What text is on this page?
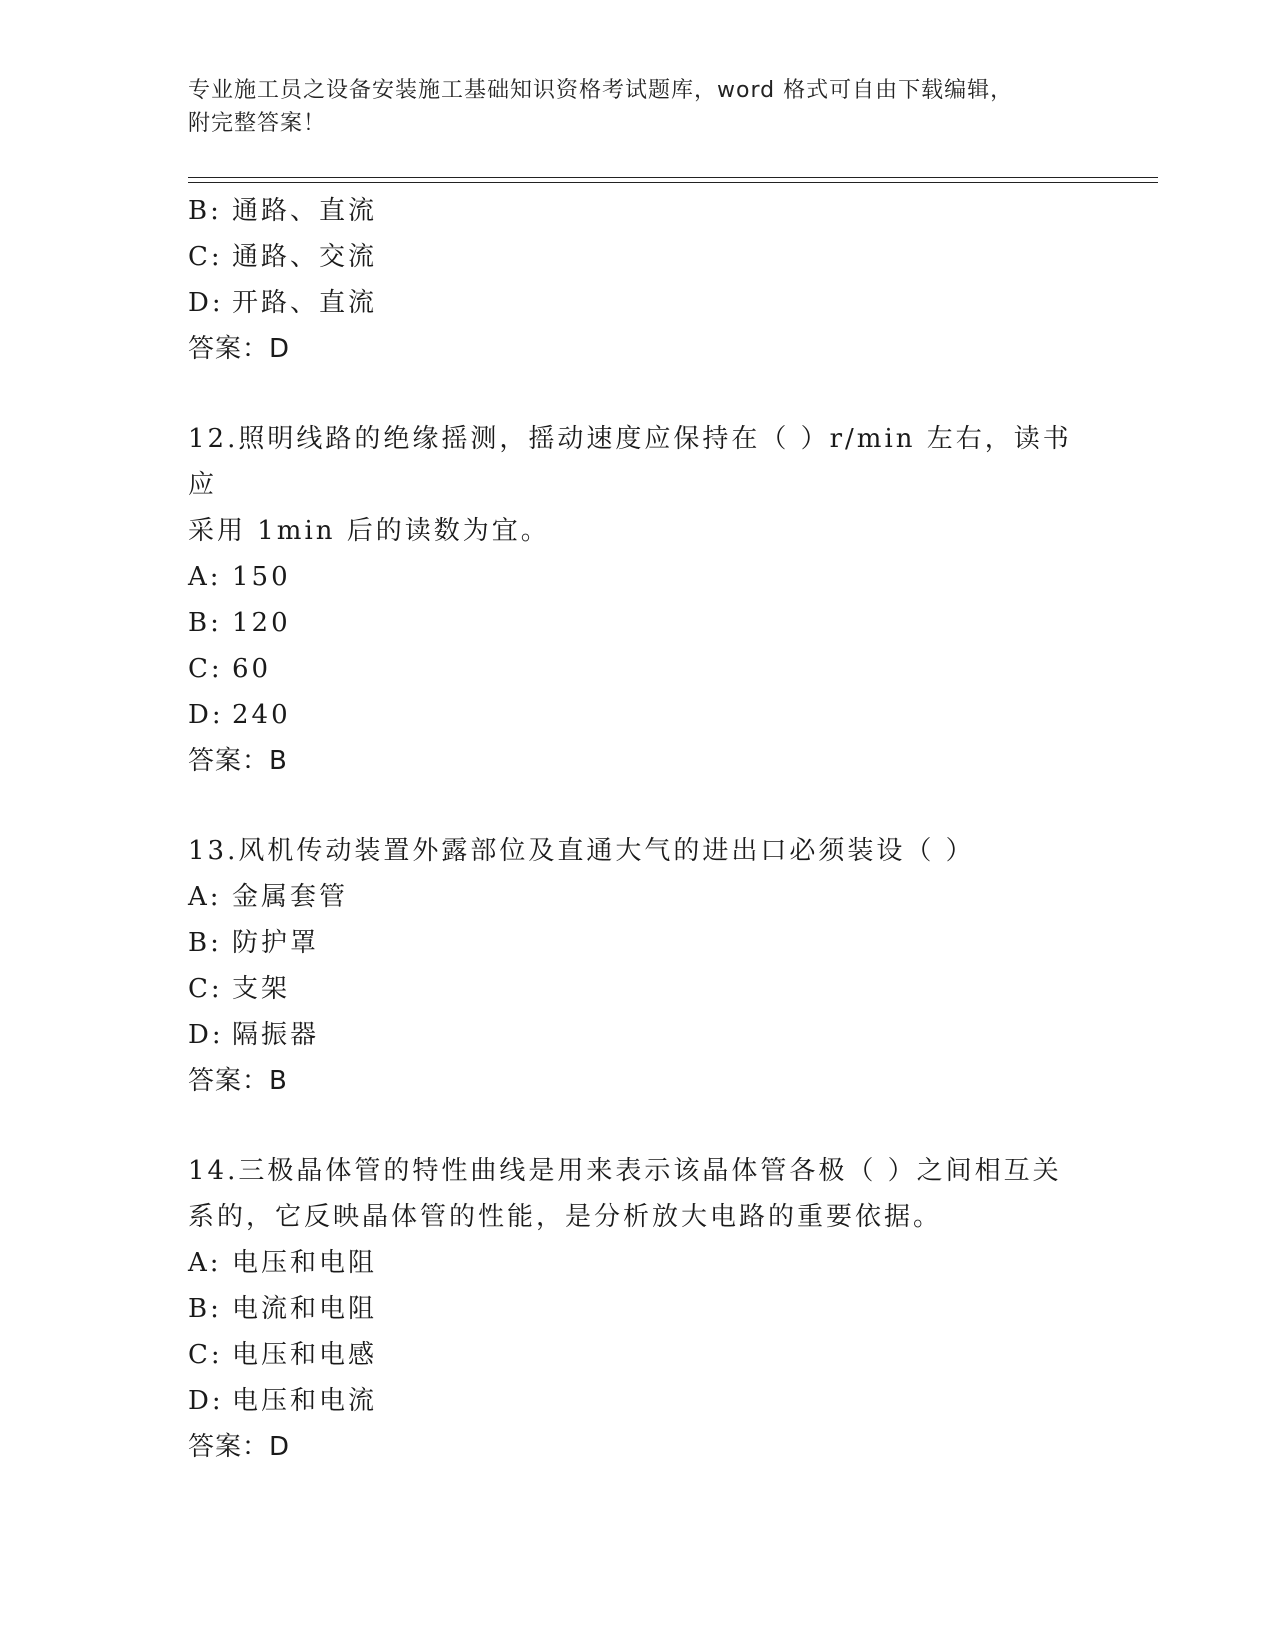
专业施工员之设备安装施工基础知识资格考试题库，word 格式可自由下载编辑，
附完整答案！
B: 通路、直流
C: 通路、交流
D: 开路、直流
答案：D
12.照明线路的绝缘摇测，摇动速度应保持在（ ）r/min 左右，读书应
采用 1min 后的读数为宜。
A: 150
B: 120
C: 60
D: 240
答案：B
13.风机传动装置外露部位及直通大气的进出口必须装设（ ）
A: 金属套管
B: 防护罩
C: 支架
D: 隔振器
答案：B
14.三极晶体管的特性曲线是用来表示该晶体管各极（ ）之间相互关
系的，它反映晶体管的性能，是分析放大电路的重要依据。
A: 电压和电阻
B: 电流和电阻
C: 电压和电感
D: 电压和电流
答案：D
